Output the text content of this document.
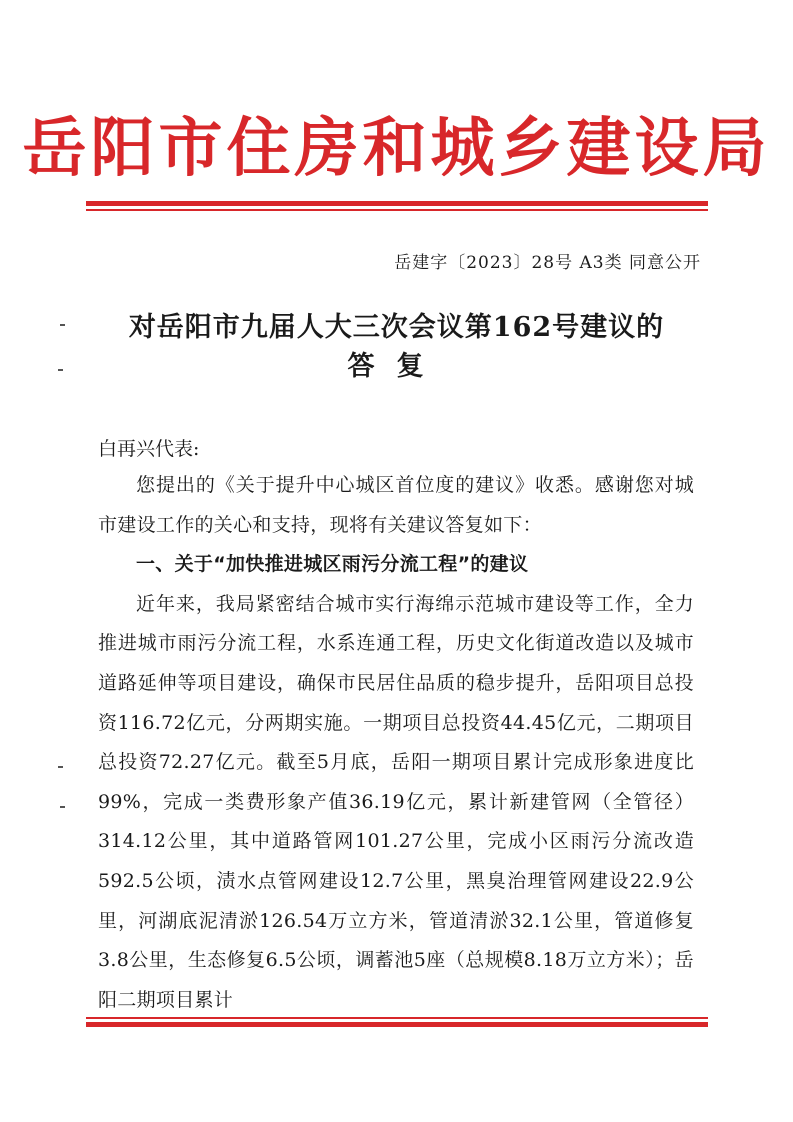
岳阳市住房和城乡建设局
岳建字〔2023〕28号 A3类 同意公开
对岳阳市九届人大三次会议第162号建议的
答复
白再兴代表:

您提出的《关于提升中心城区首位度的建议》收悉。感谢您对城市建设工作的关心和支持，现将有关建议答复如下：

一、关于“加快推进城区雨污分流工程”的建议

近年来，我局紧密结合城市实行海绵示范城市建设等工作，全力推进城市雨污分流工程，水系连通工程，历史文化街道改造以及城市道路延伸等项目建设，确保市民居住品质的稳步提升，岳阳项目总投资116.72亿元，分两期实施。一期项目总投资44.45亿元，二期项目总投资72.27亿元。截至5月底，岳阳一期项目累计完成形象进度比99%，完成一类费形象产值36.19亿元，累计新建管网（全管径）314.12公里，其中道路管网101.27公里，完成小区雨污分流改造592.5公顷，渍水点管网建设12.7公里，黑臭治理管网建设22.9公里，河湖底泥清淤126.54万立方米，管道清淤32.1公里，管道修复3.8公里，生态修复6.5公顷，调蓄池5座（总规模8.18万立方米）；岳阳二期项目累计
